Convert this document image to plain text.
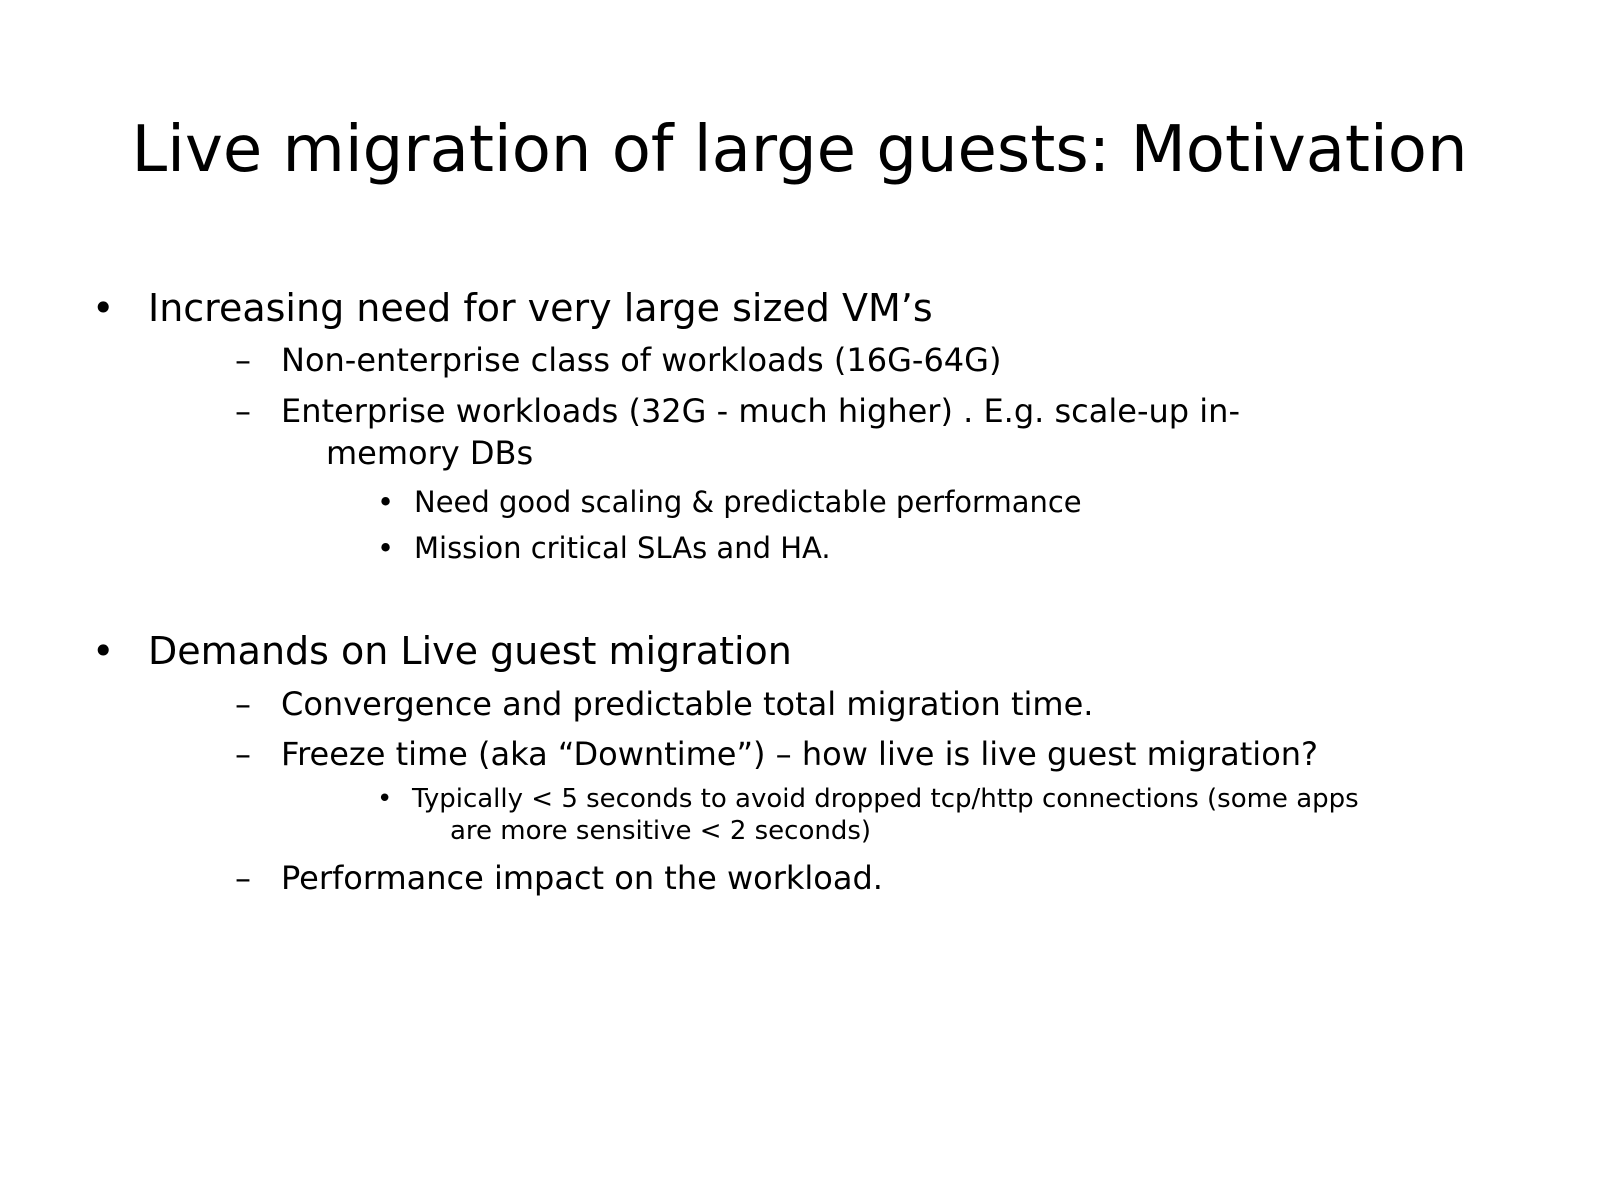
Live migration of large guests: Motivation
• Increasing need for very large sized VM’s
– Non-enterprise class of workloads (16G-64G)
– Enterprise workloads (32G - much higher) . E.g. scale-up in-
memory DBs
• Need good scaling & predictable performance
• Mission critical SLAs and HA.
• Demands on Live guest migration
– Convergence and predictable total migration time.
– Freeze time (aka “Downtime”) – how live is live guest migration?
• Typically < 5 seconds to avoid dropped tcp/http connections (some apps
are more sensitive < 2 seconds)
– Performance impact on the workload.
